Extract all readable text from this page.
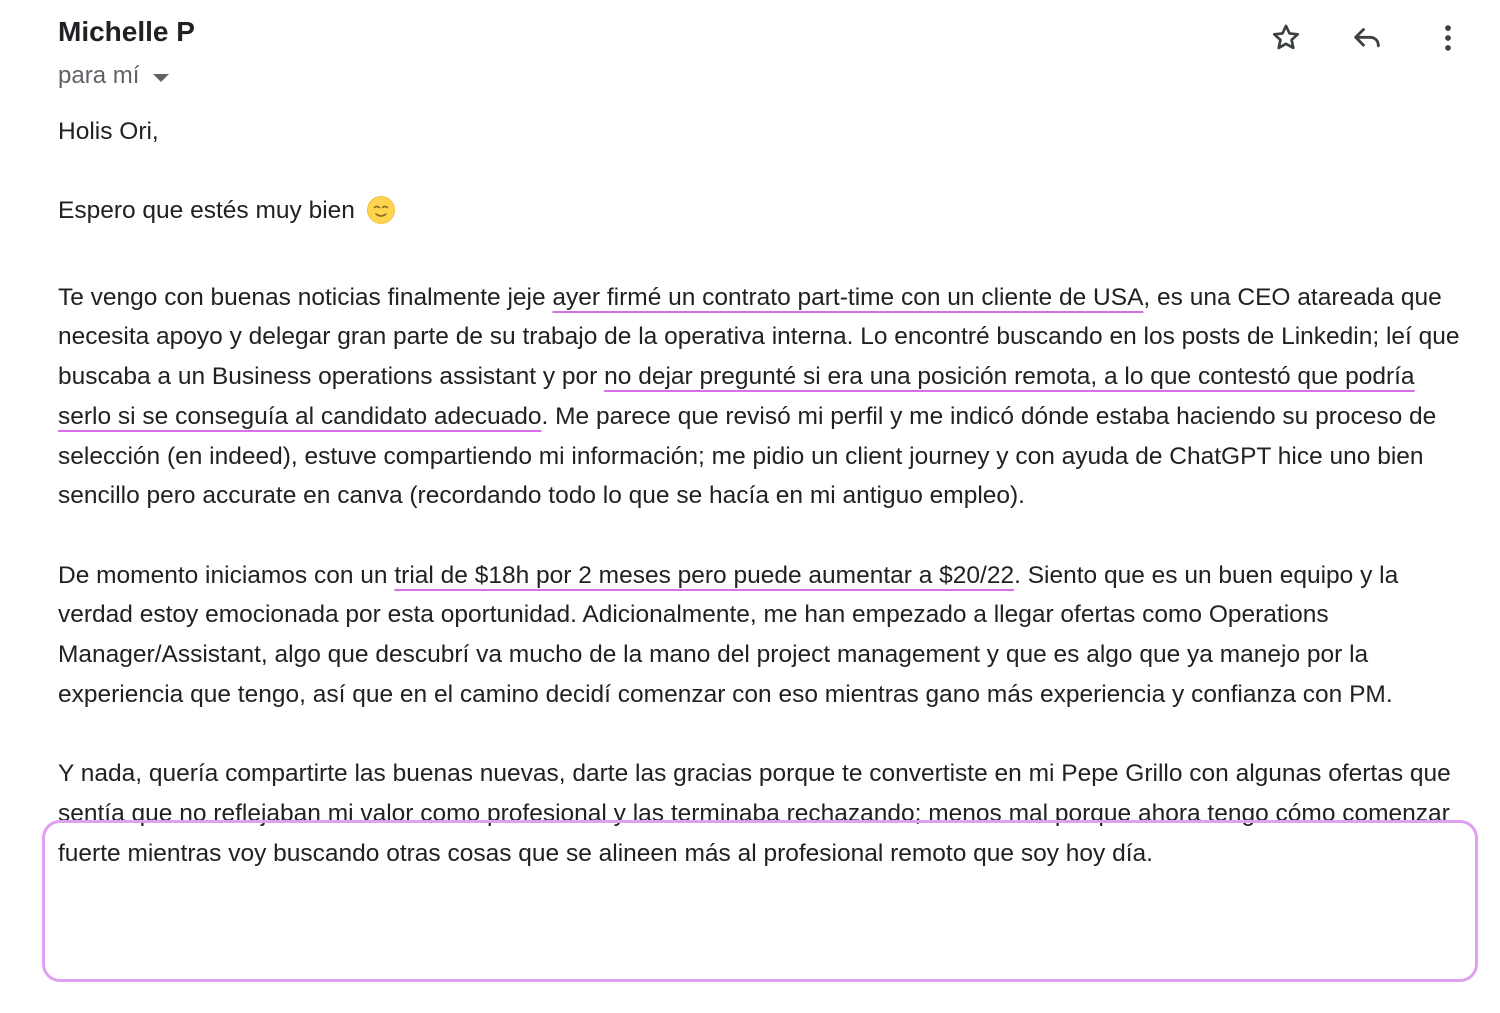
Michelle P
para mí

Holis Ori,

Espero que estés muy bien

Te vengo con buenas noticias finalmente jeje ayer firmé un contrato part-time con un cliente de USA, es una CEO atareada que necesita apoyo y delegar gran parte de su trabajo de la operativa interna. Lo encontré buscando en los posts de Linkedin; leí que buscaba a un Business operations assistant y por no dejar pregunté si era una posición remota, a lo que contestó que podría serlo si se conseguía al candidato adecuado. Me parece que revisó mi perfil y me indicó dónde estaba haciendo su proceso de selección (en indeed), estuve compartiendo mi información; me pidio un client journey y con ayuda de ChatGPT hice uno bien sencillo pero accurate en canva (recordando todo lo que se hacía en mi antiguo empleo).

De momento iniciamos con un trial de $18h por 2 meses pero puede aumentar a $20/22. Siento que es un buen equipo y la verdad estoy emocionada por esta oportunidad. Adicionalmente, me han empezado a llegar ofertas como Operations Manager/Assistant, algo que descubrí va mucho de la mano del project management y que es algo que ya manejo por la experiencia que tengo, así que en el camino decidí comenzar con eso mientras gano más experiencia y confianza con PM.

Y nada, quería compartirte las buenas nuevas, darte las gracias porque te convertiste en mi Pepe Grillo con algunas ofertas que sentía que no reflejaban mi valor como profesional y las terminaba rechazando; menos mal porque ahora tengo cómo comenzar fuerte mientras voy buscando otras cosas que se alineen más al profesional remoto que soy hoy día.
